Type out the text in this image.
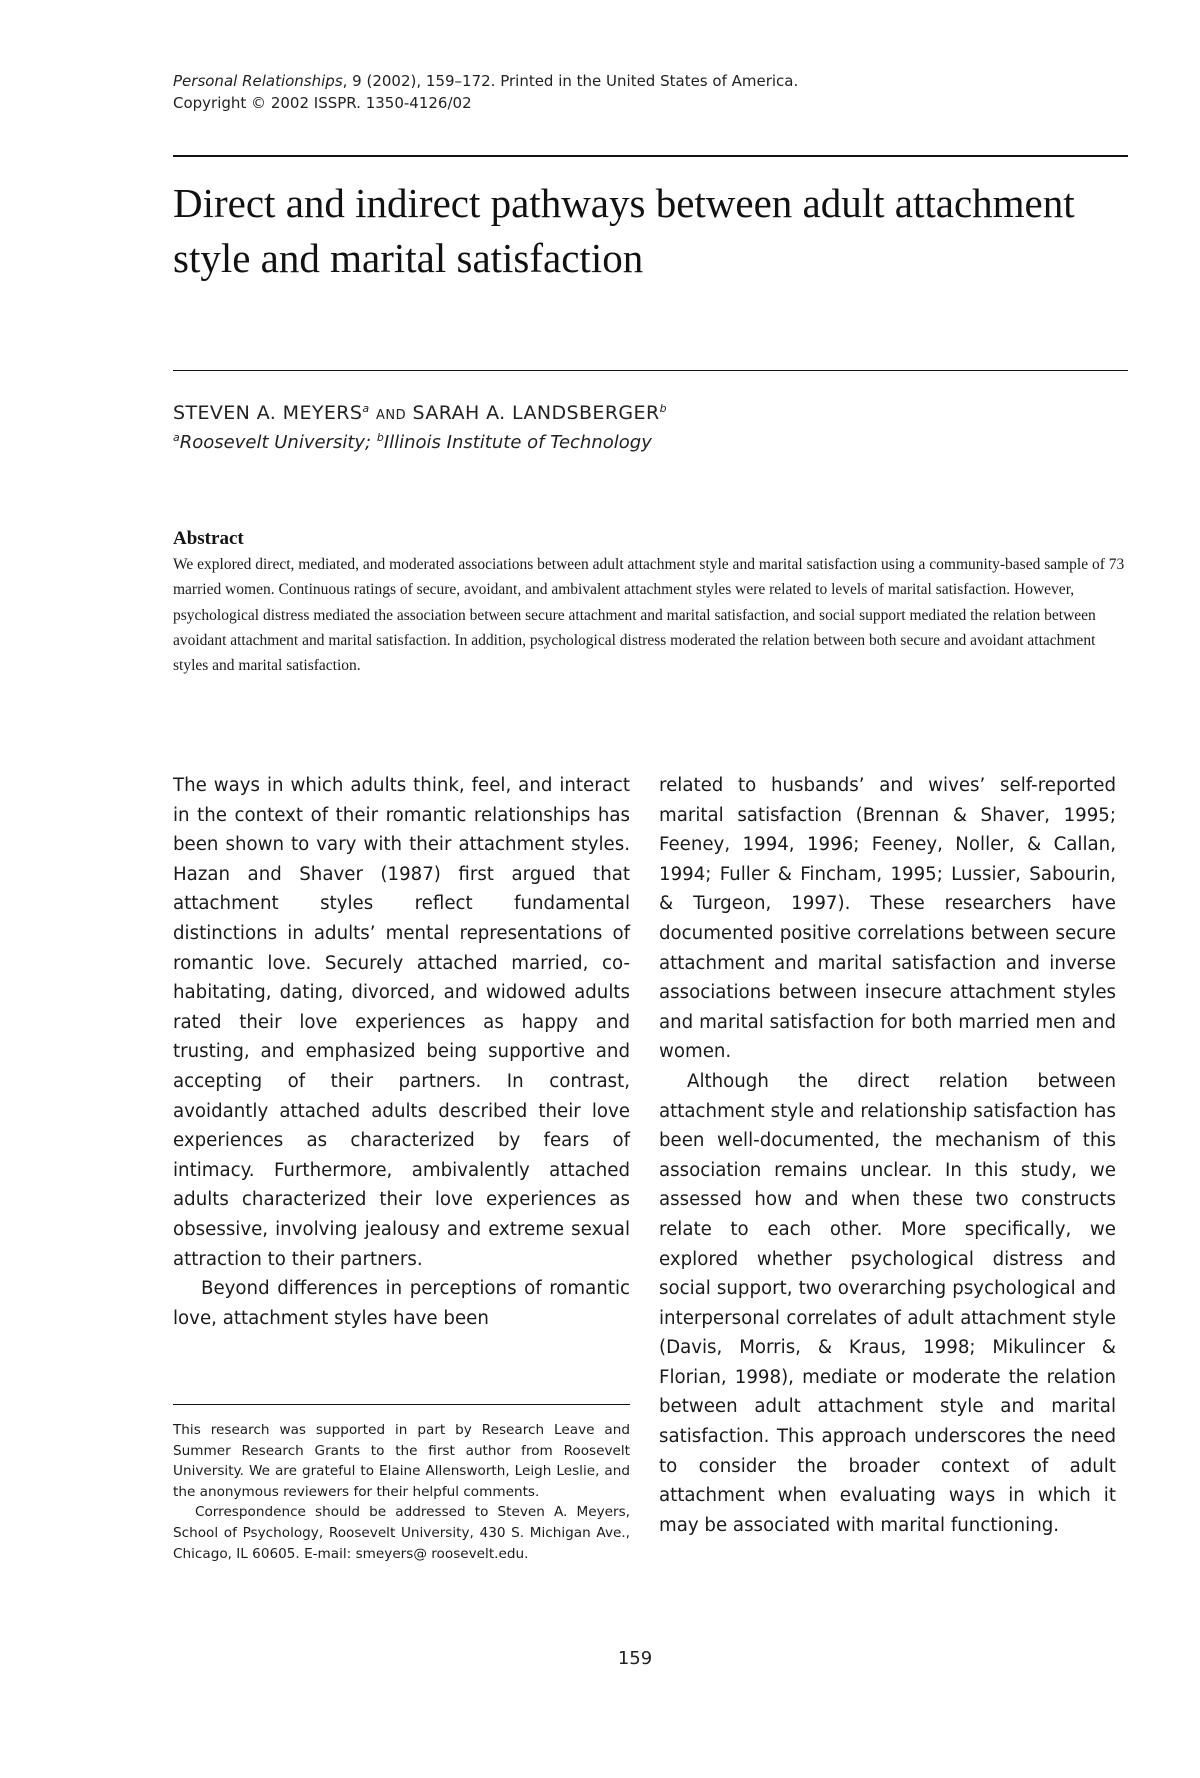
Personal Relationships, 9 (2002), 159–172. Printed in the United States of America.
Copyright © 2002 ISSPR. 1350-4126/02
Direct and indirect pathways between adult attachment style and marital satisfaction
STEVEN A. MEYERS$^a$ AND SARAH A. LANDSBERGER$^b$
$^a$Roosevelt University; $^b$Illinois Institute of Technology
Abstract
We explored direct, mediated, and moderated associations between adult attachment style and marital satisfaction using a community-based sample of 73 married women. Continuous ratings of secure, avoidant, and ambivalent attachment styles were related to levels of marital satisfaction. However, psychological distress mediated the association between secure attachment and marital satisfaction, and social support mediated the relation between avoidant attachment and marital satisfaction. In addition, psychological distress moderated the relation between both secure and avoidant attachment styles and marital satisfaction.

The ways in which adults think, feel, and interact in the context of their romantic relationships has been shown to vary with their attachment styles. Hazan and Shaver (1987) first argued that attachment styles reflect fundamental distinctions in adults’ mental representations of romantic love. Securely attached married, co-habitating, dating, divorced, and widowed adults rated their love experiences as happy and trusting, and emphasized being supportive and accepting of their partners. In contrast, avoidantly attached adults described their love experiences as characterized by fears of intimacy. Furthermore, ambivalently attached adults characterized their love experiences as obsessive, involving jealousy and extreme sexual attraction to their partners.

Beyond differences in perceptions of romantic love, attachment styles have been

related to husbands’ and wives’ self-reported marital satisfaction (Brennan & Shaver, 1995; Feeney, 1994, 1996; Feeney, Noller, & Callan, 1994; Fuller & Fincham, 1995; Lussier, Sabourin, & Turgeon, 1997). These researchers have documented positive correlations between secure attachment and marital satisfaction and inverse associations between insecure attachment styles and marital satisfaction for both married men and women.

Although the direct relation between attachment style and relationship satisfaction has been well-documented, the mechanism of this association remains unclear. In this study, we assessed how and when these two constructs relate to each other. More specifically, we explored whether psychological distress and social support, two overarching psychological and interpersonal correlates of adult attachment style (Davis, Morris, & Kraus, 1998; Mikulincer & Florian, 1998), mediate or moderate the relation between adult attachment style and marital satisfaction. This approach underscores the need to consider the broader context of adult attachment when evaluating ways in which it may be associated with marital functioning.

This research was supported in part by Research Leave and Summer Research Grants to the first author from Roosevelt University. We are grateful to Elaine Allensworth, Leigh Leslie, and the anonymous reviewers for their helpful comments.

Correspondence should be addressed to Steven A. Meyers, School of Psychology, Roosevelt University, 430 S. Michigan Ave., Chicago, IL 60605. E-mail: smeyers@ roosevelt.edu.

159
